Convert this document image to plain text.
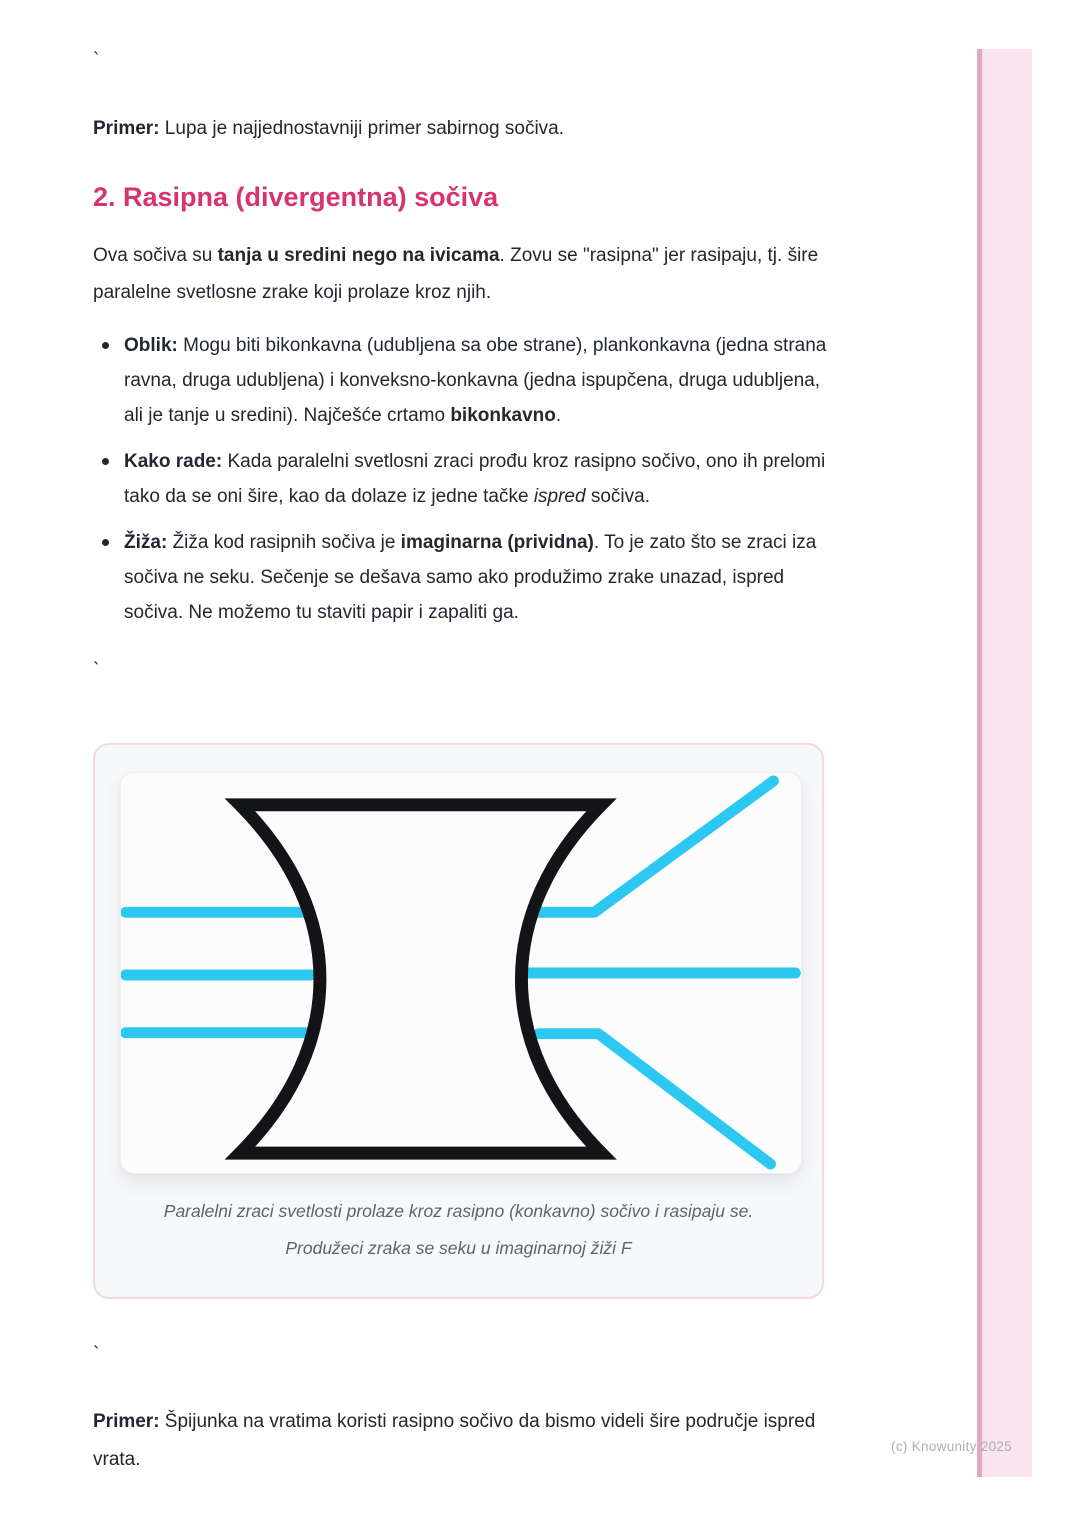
`

Primer: Lupa je najjednostavniji primer sabirnog sočiva.

2. Rasipna (divergentna) sočiva

Ova sočiva su tanja u sredini nego na ivicama. Zovu se "rasipna" jer rasipaju, tj. šire paralelne svetlosne zrake koji prolaze kroz njih.

Oblik: Mogu biti bikonkavna (udubljena sa obe strane), plankonkavna (jedna strana ravna, druga udubljena) i konveksno-konkavna (jedna ispupčena, druga udubljena, ali je tanje u sredini). Najčešće crtamo bikonkavno.
Kako rade: Kada paralelni svetlosni zraci prođu kroz rasipno sočivo, ono ih prelomi tako da se oni šire, kao da dolaze iz jedne tačke ispred sočiva.
Žiža: Žiža kod rasipnih sočiva je imaginarna (prividna). To je zato što se zraci iza sočiva ne seku. Sečenje se dešava samo ako produžimo zrake unazad, ispred sočiva. Ne možemo tu staviti papir i zapaliti ga.
`
Paralelni zraci svetlosti prolaze kroz rasipno (konkavno) sočivo i rasipaju se.
Produžeci zraka se seku u imaginarnoj žiži F
`

Primer: Špijunka na vratima koristi rasipno sočivo da bismo videli šire područje ispred vrata.

(c) Knowunity 2025
